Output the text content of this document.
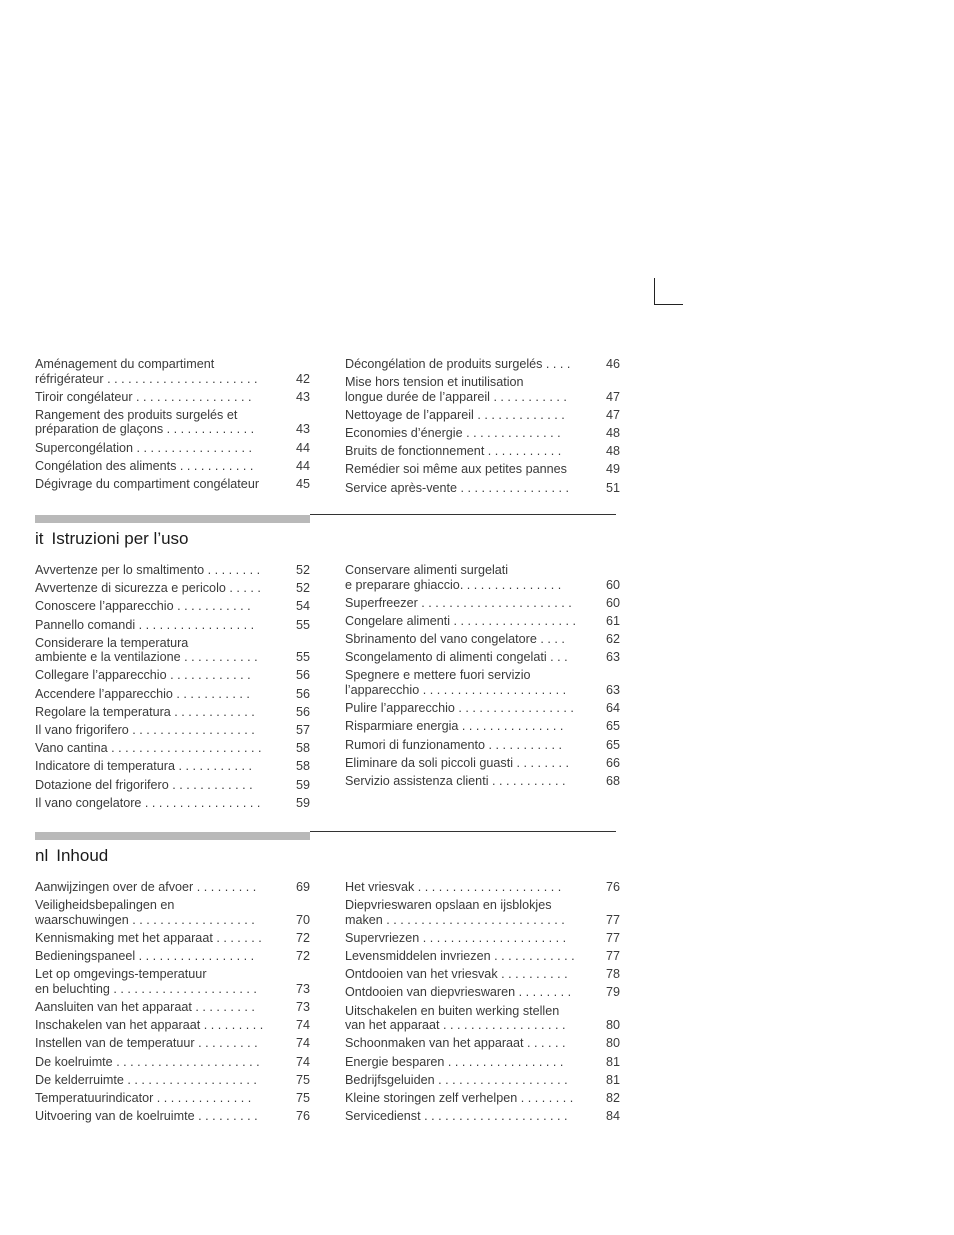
Aménagement du compartiment
réfrigérateur . . . . . . . . . . . . . . . . . . . . . .	42
Tiroir congélateur . . . . . . . . . . . . . . . . .	43
Rangement des produits surgelés et
préparation de glaçons . . . . . . . . . . . . .	43
Supercongélation . . . . . . . . . . . . . . . . .	44
Congélation des aliments . . . . . . . . . . .	44
Dégivrage du compartiment congélateur	45
Décongélation de produits surgelés . . . .	46
Mise hors tension et inutilisation
longue durée de l’appareil . . . . . . . . . . .	47
Nettoyage de l’appareil . . . . . . . . . . . . .	47
Economies d’énergie . . . . . . . . . . . . . .	48
Bruits de fonctionnement . . . . . . . . . . .	48
Remédier soi même aux petites pannes	49
Service après-vente . . . . . . . . . . . . . . . .	51
it Istruzioni per l’uso
Avvertenze per lo smaltimento . . . . . . . .	52
Avvertenze di sicurezza e pericolo . . . . .	52
Conoscere l’apparecchio . . . . . . . . . . .	54
Pannello comandi . . . . . . . . . . . . . . . . .	55
Considerare la temperatura
ambiente e la ventilazione . . . . . . . . . . .	55
Collegare l’apparecchio . . . . . . . . . . . .	56
Accendere l’apparecchio . . . . . . . . . . .	56
Regolare la temperatura . . . . . . . . . . . .	56
Il vano frigorifero . . . . . . . . . . . . . . . . . .	57
Vano cantina . . . . . . . . . . . . . . . . . . . . . .	58
Indicatore di temperatura . . . . . . . . . . .	58
Dotazione del frigorifero . . . . . . . . . . . .	59
Il vano congelatore . . . . . . . . . . . . . . . . .	59
Conservare alimenti surgelati
e preparare ghiaccio. . . . . . . . . . . . . . .	60
Superfreezer . . . . . . . . . . . . . . . . . . . . . .	60
Congelare alimenti . . . . . . . . . . . . . . . . . .	61
Sbrinamento del vano congelatore . . . .	62
Scongelamento di alimenti congelati . . .	63
Spegnere e mettere fuori servizio
l’apparecchio . . . . . . . . . . . . . . . . . . . . .	63
Pulire l’apparecchio . . . . . . . . . . . . . . . . .	64
Risparmiare energia . . . . . . . . . . . . . . .	65
Rumori di funzionamento . . . . . . . . . . .	65
Eliminare da soli piccoli guasti . . . . . . . .	66
Servizio assistenza clienti . . . . . . . . . . .	68
nl Inhoud
Aanwijzingen over de afvoer . . . . . . . . .	69
Veiligheidsbepalingen en
waarschuwingen . . . . . . . . . . . . . . . . . .	70
Kennismaking met het apparaat . . . . . . .	72
Bedieningspaneel . . . . . . . . . . . . . . . . .	72
Let op omgevings-temperatuur
en beluchting . . . . . . . . . . . . . . . . . . . . .	73
Aansluiten van het apparaat . . . . . . . . .	73
Inschakelen van het apparaat . . . . . . . . .	74
Instellen van de temperatuur . . . . . . . . .	74
De koelruimte . . . . . . . . . . . . . . . . . . . . .	74
De kelderruimte . . . . . . . . . . . . . . . . . . .	75
Temperatuurindicator . . . . . . . . . . . . . .	75
Uitvoering van de koelruimte . . . . . . . . .	76
Het vriesvak . . . . . . . . . . . . . . . . . . . . .	76
Diepvrieswaren opslaan en ijsblokjes
maken . . . . . . . . . . . . . . . . . . . . . . . . . .	77
Supervriezen . . . . . . . . . . . . . . . . . . . . .	77
Levensmiddelen invriezen . . . . . . . . . . . .	77
Ontdooien van het vriesvak . . . . . . . . . .	78
Ontdooien van diepvrieswaren . . . . . . . .	79
Uitschakelen en buiten werking stellen
van het apparaat . . . . . . . . . . . . . . . . . .	80
Schoonmaken van het apparaat . . . . . .	80
Energie besparen . . . . . . . . . . . . . . . . .	81
Bedrijfsgeluiden . . . . . . . . . . . . . . . . . . .	81
Kleine storingen zelf verhelpen . . . . . . . .	82
Servicedienst . . . . . . . . . . . . . . . . . . . . .	84
